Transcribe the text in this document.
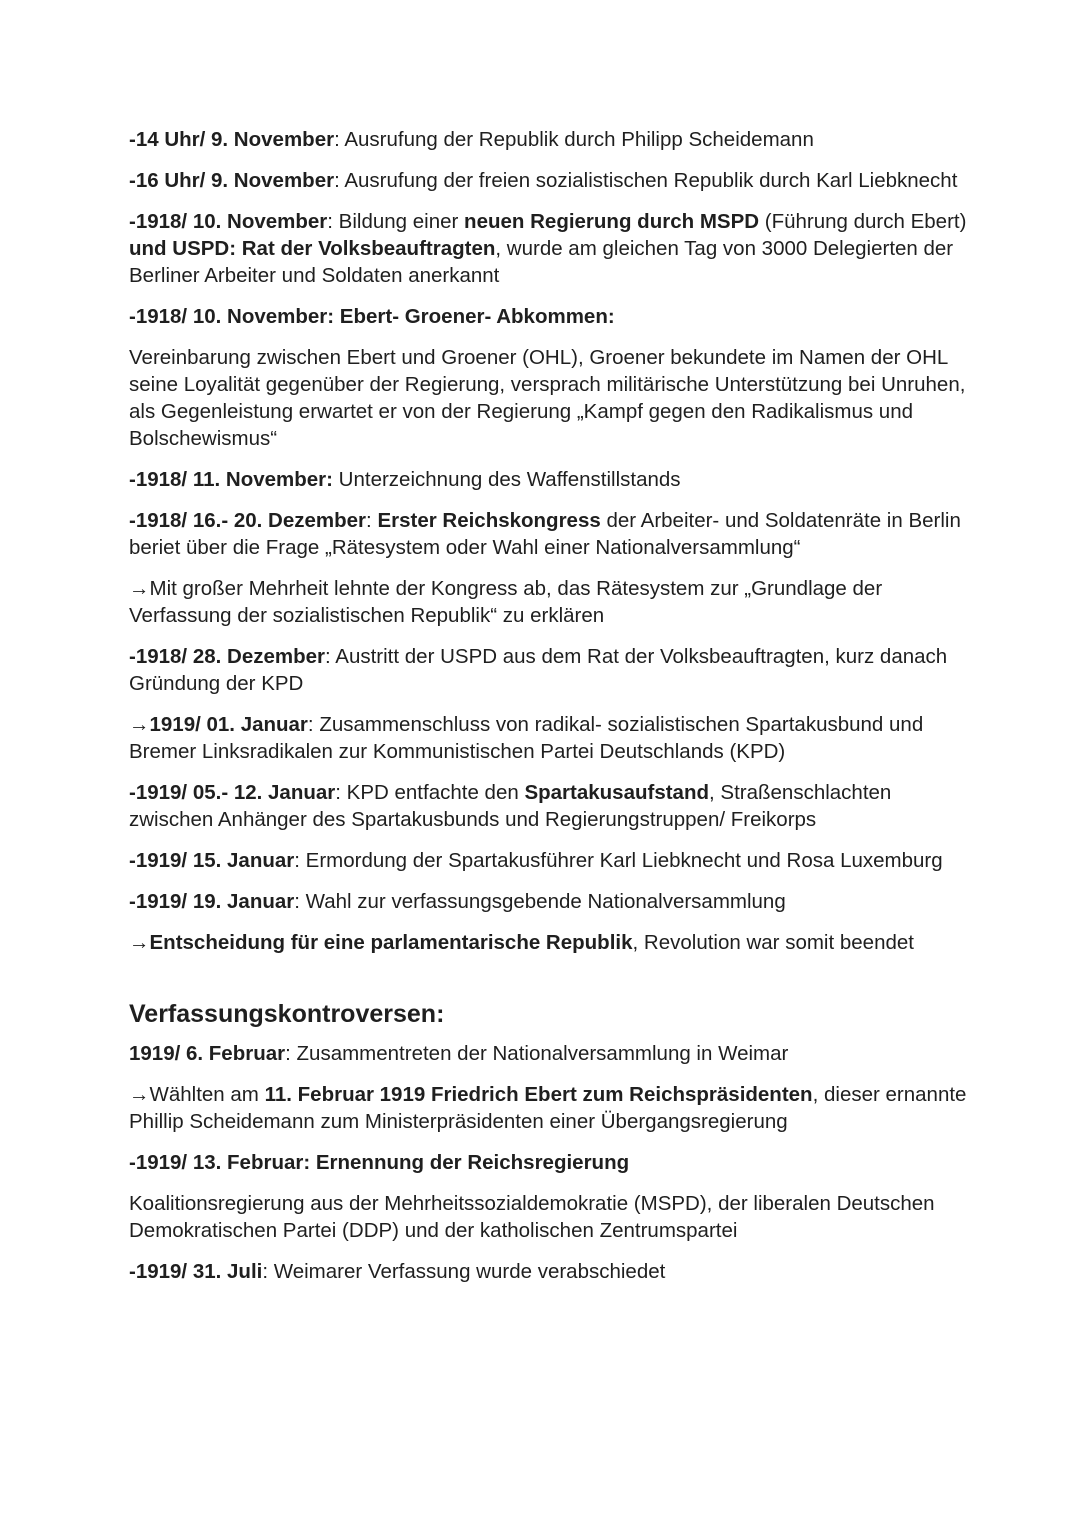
-14 Uhr/ 9. November: Ausrufung der Republik durch Philipp Scheidemann

-16 Uhr/ 9. November: Ausrufung der freien sozialistischen Republik durch Karl Liebknecht

-1918/ 10. November: Bildung einer neuen Regierung durch MSPD (Führung durch Ebert) und USPD: Rat der Volksbeauftragten, wurde am gleichen Tag von 3000 Delegierten der Berliner Arbeiter und Soldaten anerkannt

-1918/ 10. November: Ebert- Groener- Abkommen:

Vereinbarung zwischen Ebert und Groener (OHL), Groener bekundete im Namen der OHL seine Loyalität gegenüber der Regierung, versprach militärische Unterstützung bei Unruhen, als Gegenleistung erwartet er von der Regierung „Kampf gegen den Radikalismus und Bolschewismus“

-1918/ 11. November: Unterzeichnung des Waffenstillstands

-1918/ 16.- 20. Dezember: Erster Reichskongress der Arbeiter- und Soldatenräte in Berlin beriet über die Frage „Rätesystem oder Wahl einer Nationalversammlung“

→Mit großer Mehrheit lehnte der Kongress ab, das Rätesystem zur „Grundlage der Verfassung der sozialistischen Republik“ zu erklären

-1918/ 28. Dezember: Austritt der USPD aus dem Rat der Volksbeauftragten, kurz danach Gründung der KPD

→1919/ 01. Januar: Zusammenschluss von radikal- sozialistischen Spartakusbund und Bremer Linksradikalen zur Kommunistischen Partei Deutschlands (KPD)

-1919/ 05.- 12. Januar: KPD entfachte den Spartakusaufstand, Straßenschlachten zwischen Anhänger des Spartakusbunds und Regierungstruppen/ Freikorps

-1919/ 15. Januar: Ermordung der Spartakusführer Karl Liebknecht und Rosa Luxemburg

-1919/ 19. Januar: Wahl zur verfassungsgebende Nationalversammlung

→Entscheidung für eine parlamentarische Republik, Revolution war somit beendet

Verfassungskontroversen:

1919/ 6. Februar: Zusammentreten der Nationalversammlung in Weimar

→Wählten am 11. Februar 1919 Friedrich Ebert zum Reichspräsidenten, dieser ernannte Phillip Scheidemann zum Ministerpräsidenten einer Übergangsregierung

-1919/ 13. Februar: Ernennung der Reichsregierung

Koalitionsregierung aus der Mehrheitssozialdemokratie (MSPD), der liberalen Deutschen Demokratischen Partei (DDP) und der katholischen Zentrumspartei

-1919/ 31. Juli: Weimarer Verfassung wurde verabschiedet
